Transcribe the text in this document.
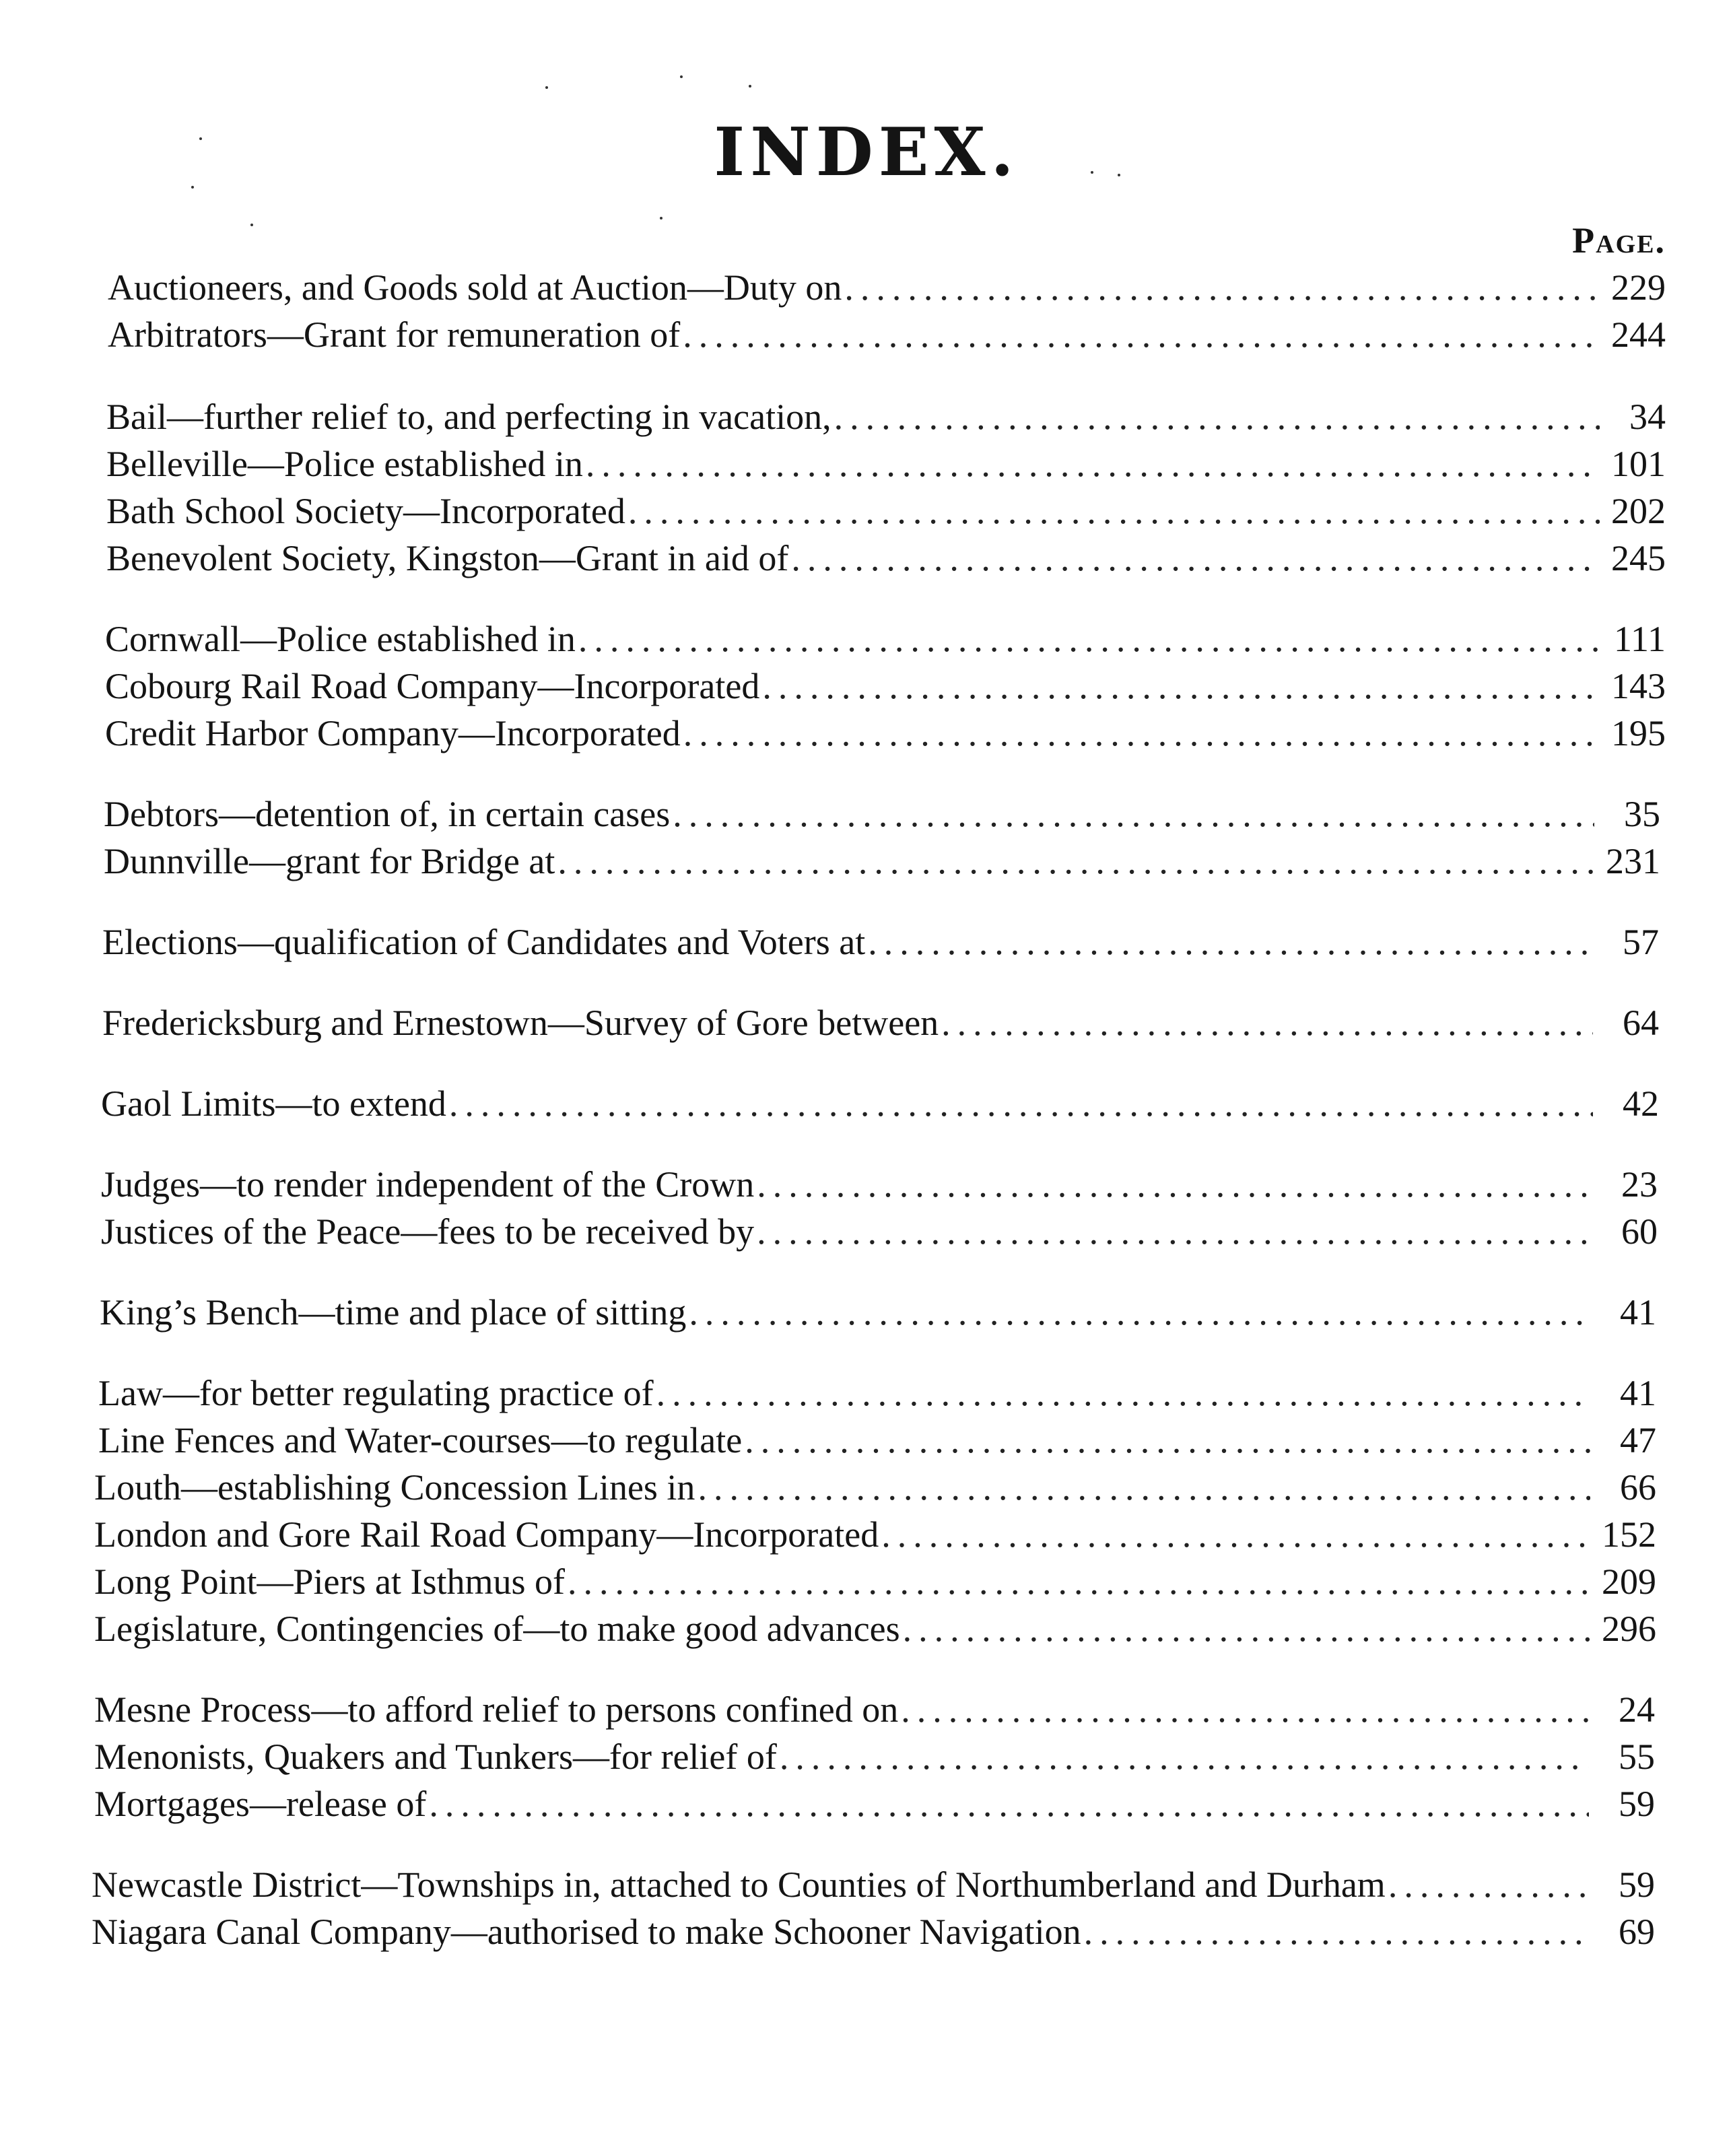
INDEX.
Page.
Auctioneers, and Goods sold at Auction—Duty on .....	229
Arbitrators—Grant for remuneration of .....	244
Bail—further relief to, and perfecting in vacation, .....	34
Belleville—Police established in .....	101
Bath School Society—Incorporated .....	202
Benevolent Society, Kingston—Grant in aid of .....	245
Cornwall—Police established in .....	111
Cobourg Rail Road Company—Incorporated .....	143
Credit Harbor Company—Incorporated .....	195
Debtors—detention of, in certain cases .....	35
Dunnville—grant for Bridge at .....	231
Elections—qualification of Candidates and Voters at .....	57
Fredericksburg and Ernestown—Survey of Gore between .....	64
Gaol Limits—to extend .....	42
Judges—to render independent of the Crown .....	23
Justices of the Peace—fees to be received by .....	60
King’s Bench—time and place of sitting .....	41
Law—for better regulating practice of .....	41
Line Fences and Water-courses—to regulate .....	47
Louth—establishing Concession Lines in .....	66
London and Gore Rail Road Company—Incorporated .....	152
Long Point—Piers at Isthmus of .....	209
Legislature, Contingencies of—to make good advances .....	296
Mesne Process—to afford relief to persons confined on .....	24
Menonists, Quakers and Tunkers—for relief of .....	55
Mortgages—release of .....	59
Newcastle District—Townships in, attached to Counties of Northumberland and Durham .....	59
Niagara Canal Company—authorised to make Schooner Navigation .....	69
